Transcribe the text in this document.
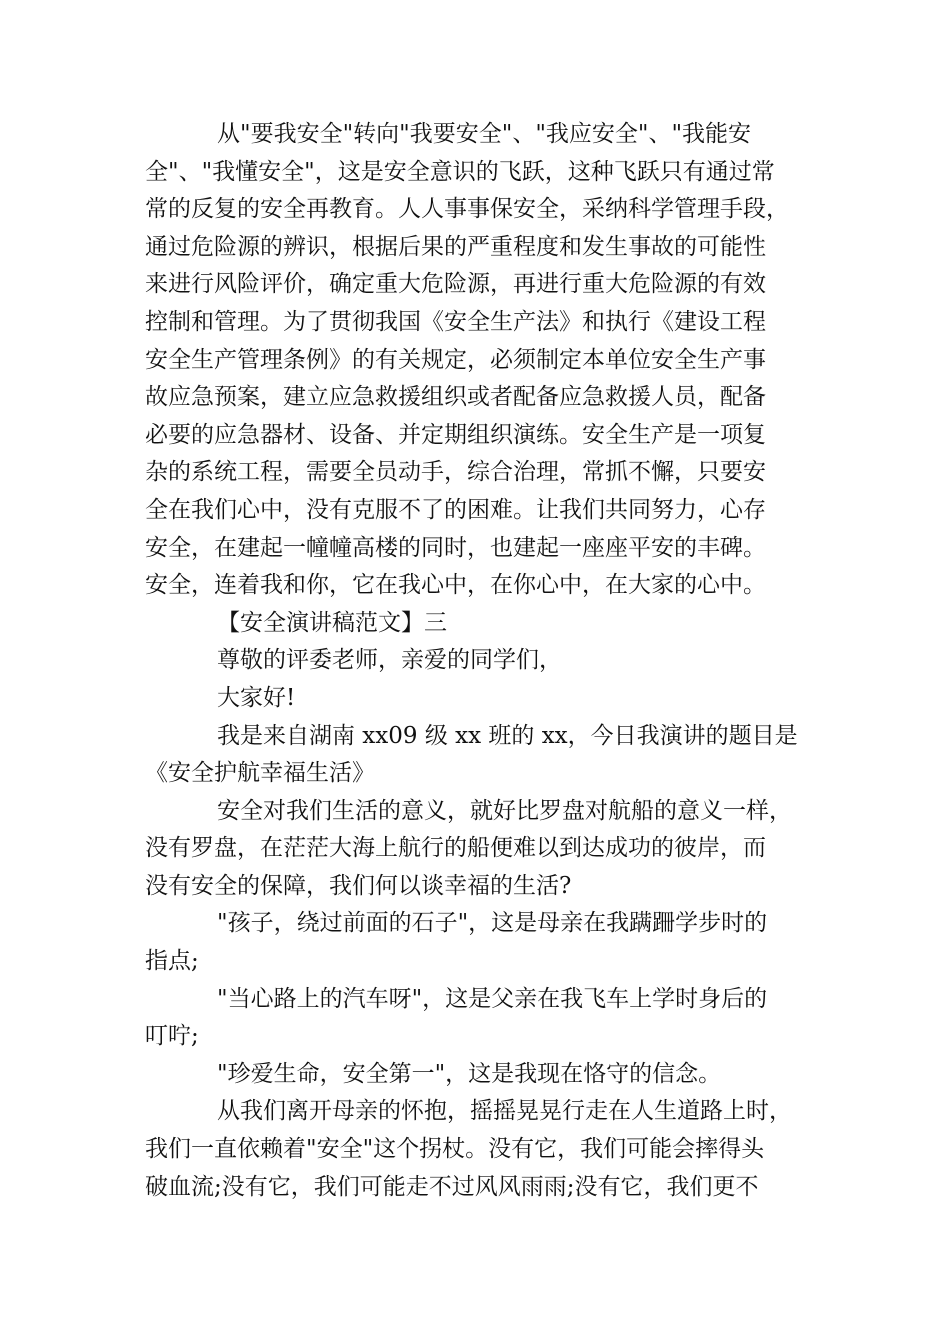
从"要我安全"转向"我要安全"、"我应安全"、"我能安
全"、"我懂安全"，这是安全意识的飞跃，这种飞跃只有通过常
常的反复的安全再教育。人人事事保安全，采纳科学管理手段，
通过危险源的辨识，根据后果的严重程度和发生事故的可能性
来进行风险评价，确定重大危险源，再进行重大危险源的有效
控制和管理。为了贯彻我国《安全生产法》和执行《建设工程
安全生产管理条例》的有关规定，必须制定本单位安全生产事
故应急预案，建立应急救援组织或者配备应急救援人员，配备
必要的应急器材、设备、并定期组织演练。安全生产是一项复
杂的系统工程，需要全员动手，综合治理，常抓不懈，只要安
全在我们心中，没有克服不了的困难。让我们共同努力，心存
安全，在建起一幢幢高楼的同时，也建起一座座平安的丰碑。
安全，连着我和你，它在我心中，在你心中，在大家的心中。

【安全演讲稿范文】三

尊敬的评委老师，亲爱的同学们，

大家好!

我是来自湖南 xx09 级 xx 班的 xx，今日我演讲的题目是
《安全护航幸福生活》

安全对我们生活的意义，就好比罗盘对航船的意义一样，
没有罗盘，在茫茫大海上航行的船便难以到达成功的彼岸，而
没有安全的保障，我们何以谈幸福的生活?

"孩子，绕过前面的石子"，这是母亲在我蹒跚学步时的
指点;

"当心路上的汽车呀"，这是父亲在我飞车上学时身后的
叮咛;

"珍爱生命，安全第一"，这是我现在恪守的信念。

从我们离开母亲的怀抱，摇摇晃晃行走在人生道路上时，
我们一直依赖着"安全"这个拐杖。没有它，我们可能会摔得头
破血流;没有它，我们可能走不过风风雨雨;没有它，我们更不
